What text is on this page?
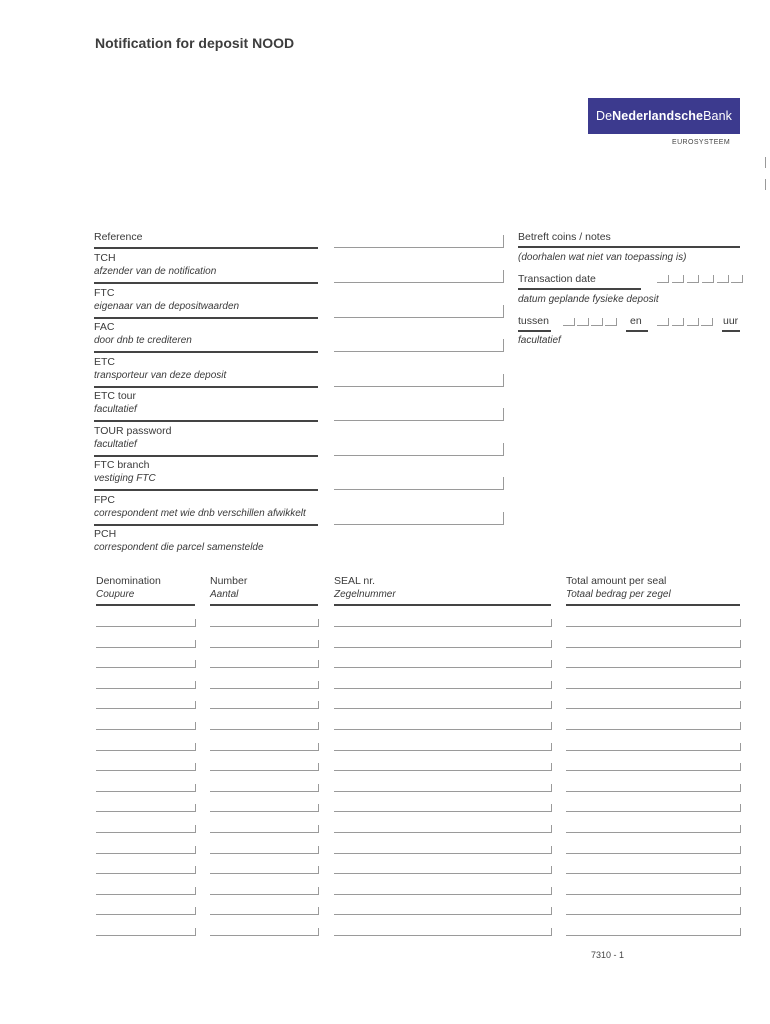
Notification for deposit NOOD
DeNederlandscheBank
EUROSYSTEEM
Reference
TCH
afzender van de notification
FTC
eigenaar van de depositwaarden
FAC
door dnb te crediteren
ETC
transporteur van deze deposit
ETC tour
facultatief
TOUR password
facultatief
FTC branch
vestiging FTC
FPC
correspondent met wie dnb verschillen afwikkelt
PCH
correspondent die parcel samenstelde
Betreft coins / notes
(doorhalen wat niet van toepassing is)
Transaction date
datum geplande fysieke deposit
tussen	en	uur
facultatief
Denomination
Coupure
Number
Aantal
SEAL nr.
Zegelnummer
Total amount per seal
Totaal bedrag per zegel
7310 - 1
